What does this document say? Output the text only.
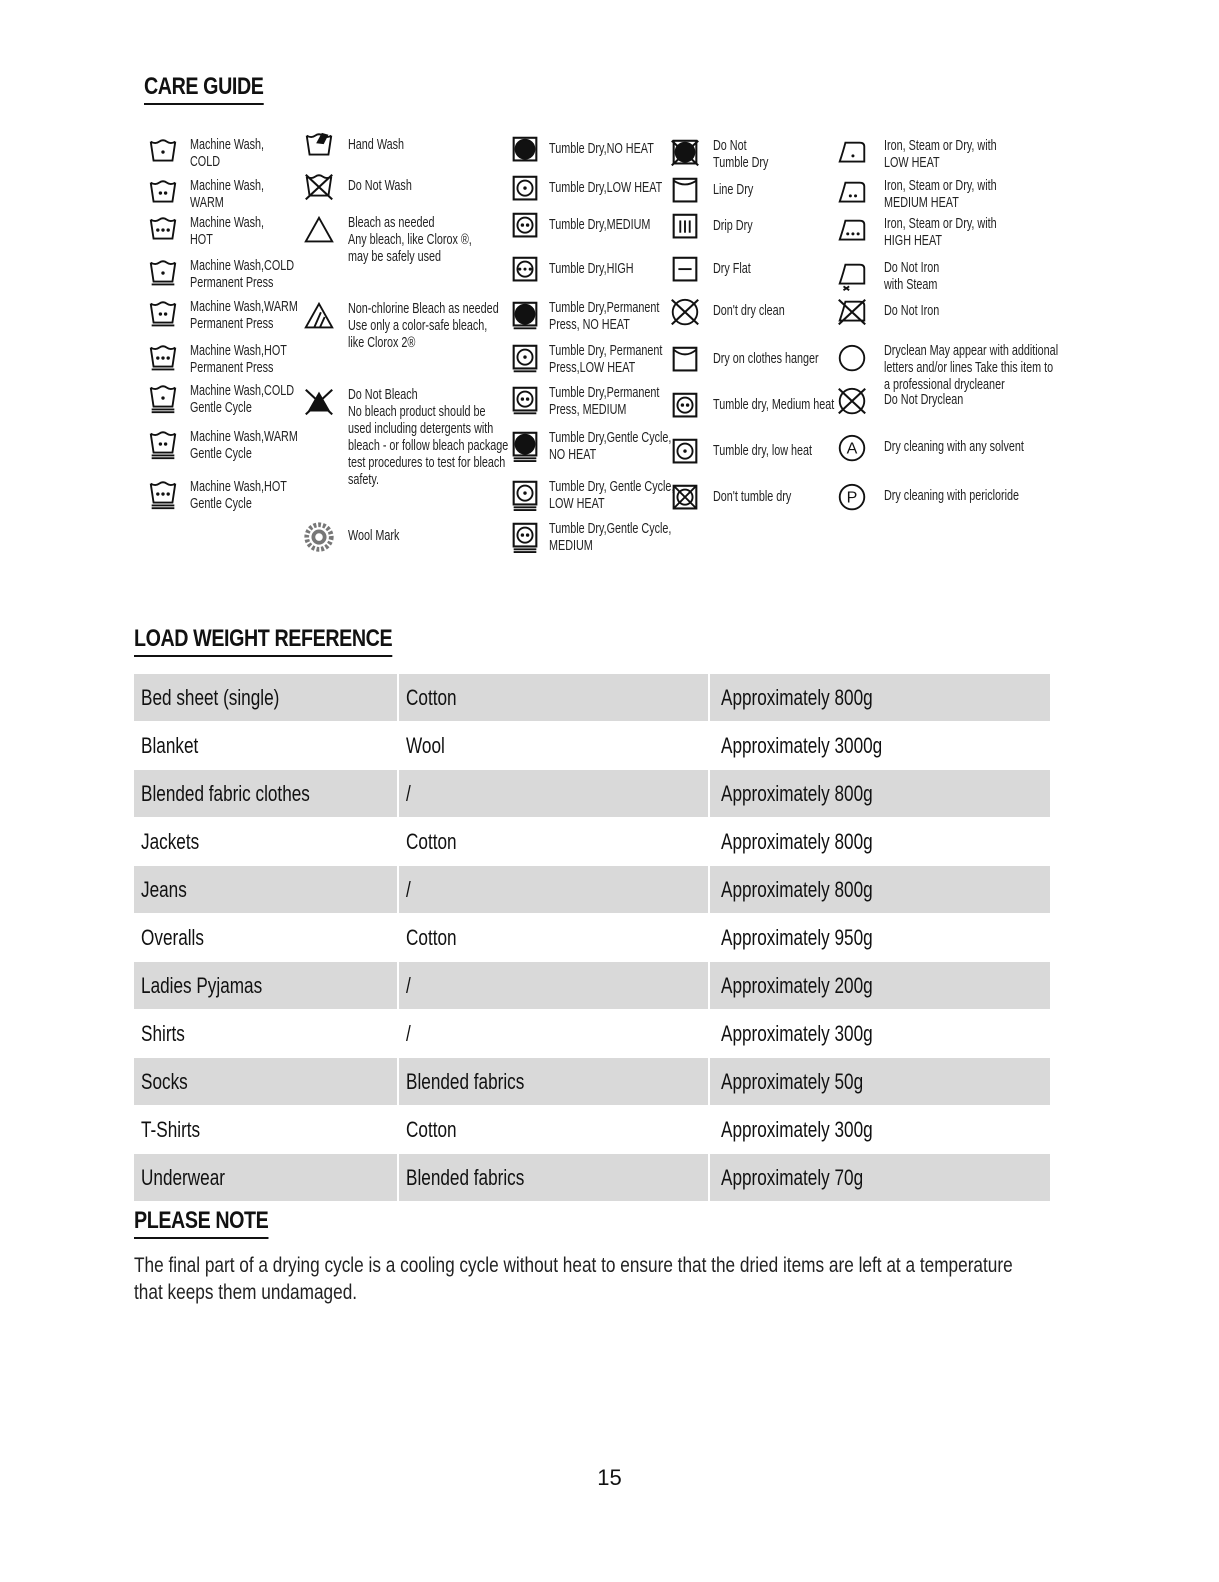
CARE GUIDE
Machine Wash,
COLD
Machine Wash,
WARM
Machine Wash,
HOT
Machine Wash,COLD
Permanent Press
Machine Wash,WARM
Permanent Press
Machine Wash,HOT
Permanent Press
Machine Wash,COLD
Gentle Cycle
Machine Wash,WARM
Gentle Cycle
Machine Wash,HOT
Gentle Cycle
Hand Wash
Do Not Wash
Bleach as needed
Any bleach, like Clorox ®,
may be safely used
Non-chlorine Bleach as needed
Use only a color-safe bleach,
like Clorox 2®
Do Not Bleach
No bleach product should be
used including detergents with
bleach - or follow bleach package
test procedures to test for bleach
safety.
Wool Mark
Tumble Dry,NO HEAT
Tumble Dry,LOW HEAT
Tumble Dry,MEDIUM
Tumble Dry,HIGH
Tumble Dry,Permanent
Press, NO HEAT
Tumble Dry, Permanent
Press,LOW HEAT
Tumble Dry,Permanent
Press, MEDIUM
Tumble Dry,Gentle Cycle,
NO HEAT
Tumble Dry, Gentle Cycle,
LOW HEAT
Tumble Dry,Gentle Cycle,
MEDIUM
Do Not
Tumble Dry
Line Dry
Drip Dry
Dry Flat
Don't dry clean
Dry on clothes hanger
Tumble dry, Medium heat
Tumble dry, low heat
Don't tumble dry
Iron, Steam or Dry, with
LOW HEAT
Iron, Steam or Dry, with
MEDIUM HEAT
Iron, Steam or Dry, with
HIGH HEAT
Do Not Iron
with Steam
Do Not Iron
Dryclean May appear with additional
letters and/or lines Take this item to
a professional drycleaner
Do Not Dryclean
A Dry cleaning with any solvent
P Dry cleaning with pericloride
LOAD WEIGHT REFERENCE
Bed sheet (single)	Cotton	Approximately 800g
Blanket	Wool	Approximately 3000g
Blended fabric clothes	/	Approximately 800g
Jackets	Cotton	Approximately 800g
Jeans	/	Approximately 800g
Overalls	Cotton	Approximately 950g
Ladies Pyjamas	/	Approximately 200g
Shirts	/	Approximately 300g
Socks	Blended fabrics	Approximately 50g
T-Shirts	Cotton	Approximately 300g
Underwear	Blended fabrics	Approximately 70g
PLEASE NOTE
The final part of a drying cycle is a cooling cycle without heat to ensure that the dried items are left at a temperature that keeps them undamaged.
15
